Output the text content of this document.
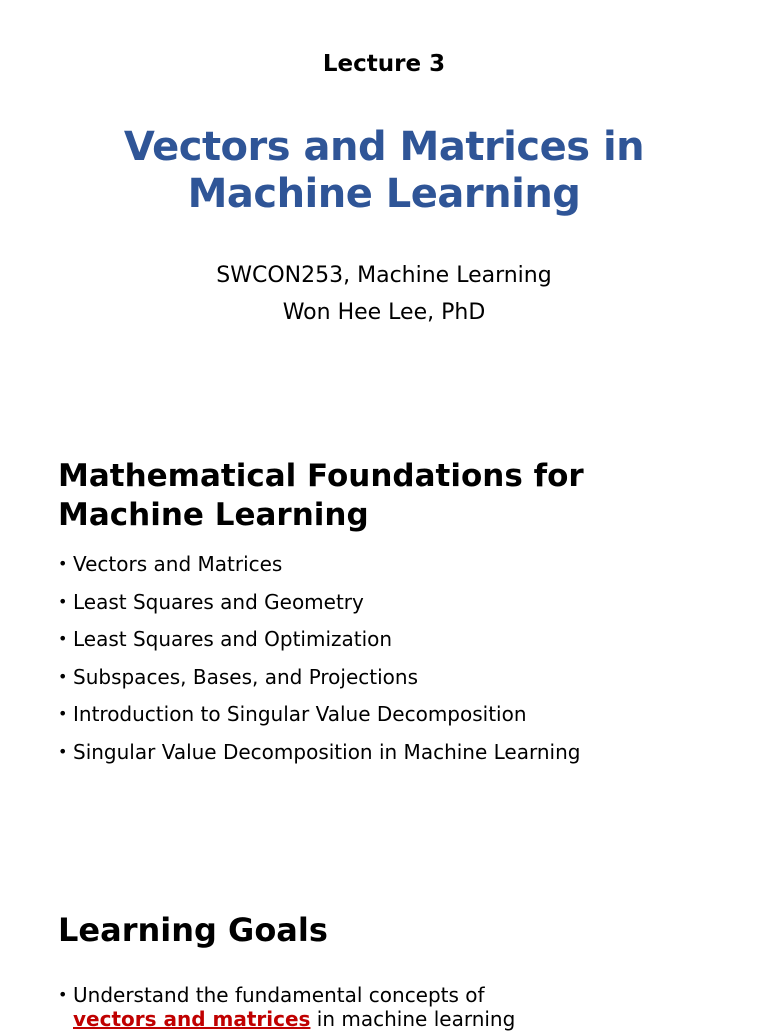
Lecture 3
Vectors and Matrices in
Machine Learning
SWCON253, Machine Learning
Won Hee Lee, PhD
Mathematical Foundations for
Machine Learning
• Vectors and Matrices
• Least Squares and Geometry
• Least Squares and Optimization
• Subspaces, Bases, and Projections
• Introduction to Singular Value Decomposition
• Singular Value Decomposition in Machine Learning
Learning Goals
• Understand the fundamental concepts of
vectors and matrices in machine learning
